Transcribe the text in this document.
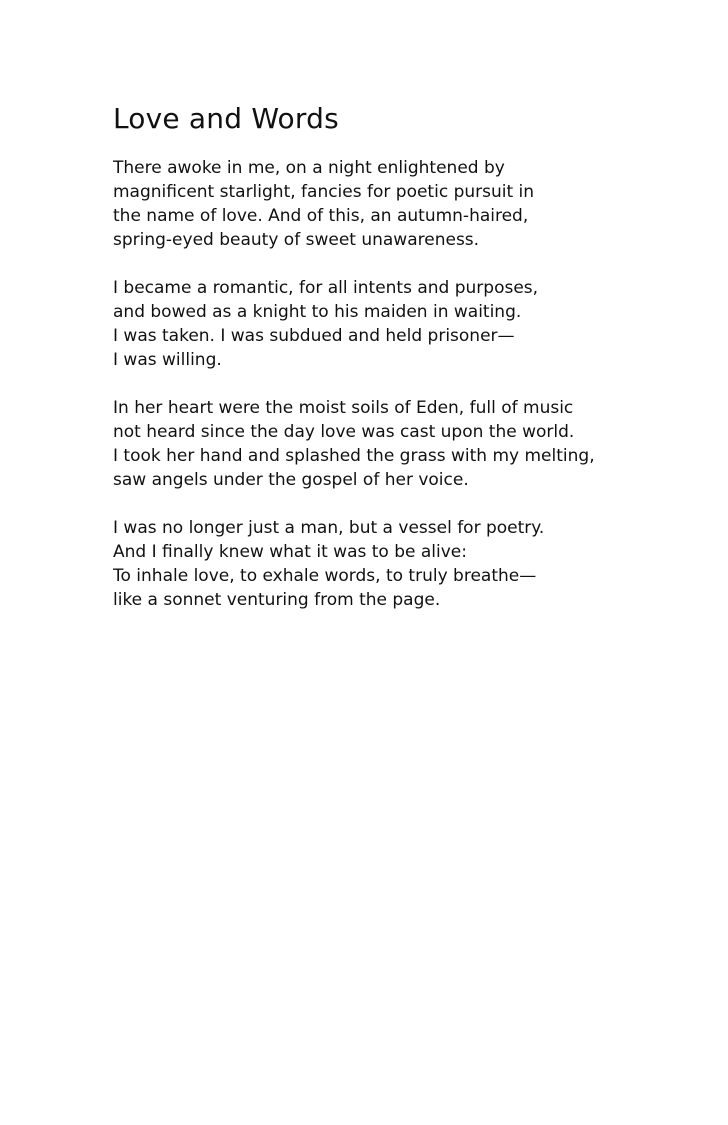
Love and Words
There awoke in me, on a night enlightened by
magnificent starlight, fancies for poetic pursuit in
the name of love. And of this, an autumn-haired,
spring-eyed beauty of sweet unawareness.
I became a romantic, for all intents and purposes,
and bowed as a knight to his maiden in waiting.
I was taken. I was subdued and held prisoner—
I was willing.
In her heart were the moist soils of Eden, full of music
not heard since the day love was cast upon the world.
I took her hand and splashed the grass with my melting,
saw angels under the gospel of her voice.
I was no longer just a man, but a vessel for poetry.
And I finally knew what it was to be alive:
To inhale love, to exhale words, to truly breathe—
like a sonnet venturing from the page.
